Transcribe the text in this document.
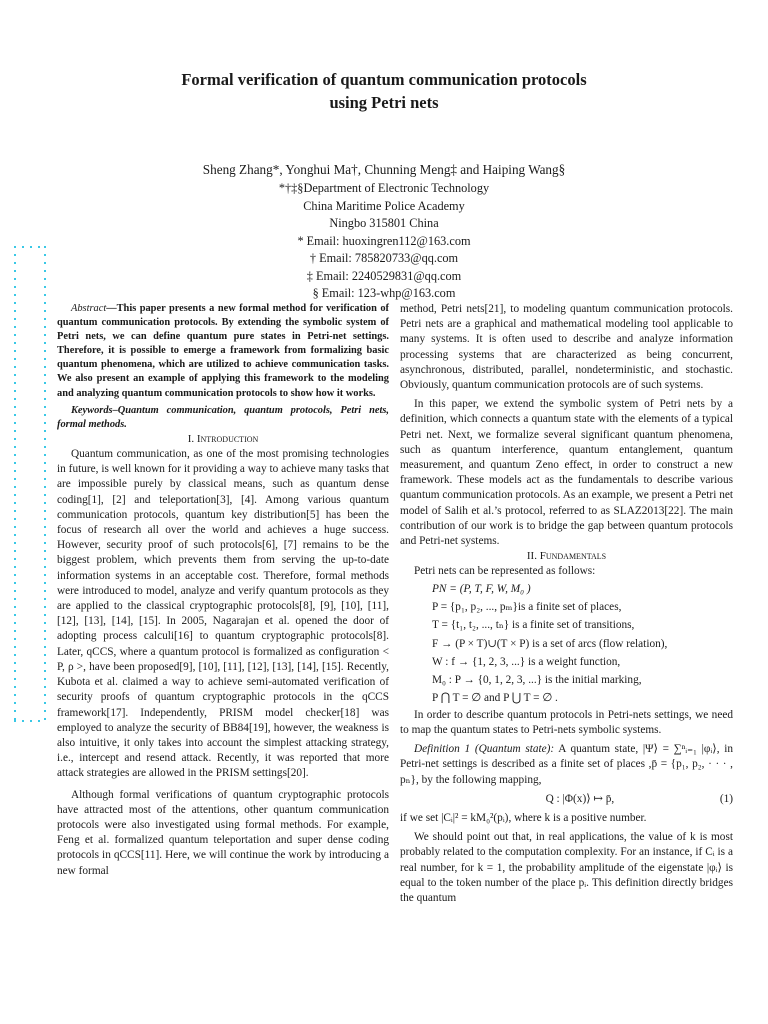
Formal verification of quantum communication protocols
using Petri nets
Sheng Zhang*, Yonghui Ma†, Chunning Meng‡ and Haiping Wang§
*†‡§Department of Electronic Technology
China Maritime Police Academy
Ningbo 315801 China
* Email: huoxingren112@163.com
† Email: 785820733@qq.com
‡ Email: 2240529831@qq.com
§ Email: 123-whp@163.com

Abstract—This paper presents a new formal method for verification of quantum communication protocols. By extending the symbolic system of Petri nets, we can define quantum pure states in Petri-net settings. Therefore, it is possible to emerge a framework from formalizing basic quantum phenomena, which are utilized to achieve communication tasks. We also present an example of applying this framework to the modeling and analyzing quantum communication protocols to show how it works.

Keywords–Quantum communication, quantum protocols, Petri nets, formal methods.

I. Introduction

Quantum communication, as one of the most promising technologies in future, is well known for it providing a way to achieve many tasks that are impossible purely by classical means, such as quantum dense coding[1], [2] and teleportation[3], [4]. Among various quantum communication protocols, quantum key distribution[5] has been the focus of research all over the world and achieves a huge success. However, security proof of such protocols[6], [7] remains to be the biggest problem, which prevents them from serving the up-to-date information systems in an acceptable cost. Therefore, formal methods were introduced to model, analyze and verify quantum protocols as they are applied to the classical cryptographic protocols[8], [9], [10], [11], [12], [13], [14], [15]. In 2005, Nagarajan et al. opened the door of adopting process calculi[16] to quantum cryptographic protocols[8]. Later, qCCS, where a quantum protocol is formalized as configuration < P, ρ >, have been proposed[9], [10], [11], [12], [13], [14], [15]. Recently, Kubota et al. claimed a way to achieve semi-automated verification of security proofs of quantum cryptographic protocols in the qCCS framework[17]. Independently, PRISM model checker[18] was employed to analyze the security of BB84[19], however, the weakness is also intuitive, it only takes into account the simplest attacking strategy, i.e., intercept and resend attack. Recently, it was reported that more attack strategies are allowed in the PRISM settings[20].

Although formal verifications of quantum cryptographic protocols have attracted most of the attentions, other quantum communication protocols were also investigated using formal methods. For example, Feng et al. formalized quantum teleportation and super dense coding protocols in qCCS[11]. Here, we will continue the work by introducing a new formal

method, Petri nets[21], to modeling quantum communication protocols. Petri nets are a graphical and mathematical modeling tool applicable to many systems. It is often used to describe and analyze information processing systems that are characterized as being concurrent, asynchronous, distributed, parallel, nondeterministic, and stochastic. Obviously, quantum communication protocols are of such systems.

In this paper, we extend the symbolic system of Petri nets by a definition, which connects a quantum state with the elements of a typical Petri net. Next, we formalize several significant quantum phenomena, such as quantum interference, quantum entanglement, quantum measurement, and quantum Zeno effect, in order to construct a new framework. These models act as the fundamentals to describe various quantum communication protocols. As an example, we present a Petri net model of Salih et al.’s protocol, referred to as SLAZ2013[22]. The main contribution of our work is to bridge the gap between quantum protocols and Petri-net systems.

II. Fundamentals

Petri nets can be represented as follows:

PN = (P, T, F, W, M₀ )

P = {p₁, p₂, ..., pₘ}is a finite set of places,

T = {t₁, t₂, ..., tₙ} is a finite set of transitions,

F → (P × T)∪(T × P) is a set of arcs (flow relation),

W : f → {1, 2, 3, ...} is a weight function,

M₀ : P → {0, 1, 2, 3, ...} is the initial marking,

P ⋂ T = ∅ and P ⋃ T = ∅ .

In order to describe quantum protocols in Petri-nets settings, we need to map the quantum states to Petri-nets symbolic systems.

Definition 1 (Quantum state): A quantum state, |Ψ⟩ = ∑ⁿᵢ₌₁ |φᵢ⟩, in Petri-net settings is described as a finite set of places ,p̄ = {p₁, p₂, · · · , pₙ}, by the following mapping,

Q : |Φ(x)⟩ ↦ p̄,	(1)

if we set |Cᵢ|² = kM₀²(pᵢ), where k is a positive number.

We should point out that, in real applications, the value of k is most probably related to the computation complexity. For an instance, if Cᵢ is a real number, for k = 1, the probability amplitude of the eigenstate |φᵢ⟩ is equal to the token number of the place pᵢ. This definition directly bridges the quantum
